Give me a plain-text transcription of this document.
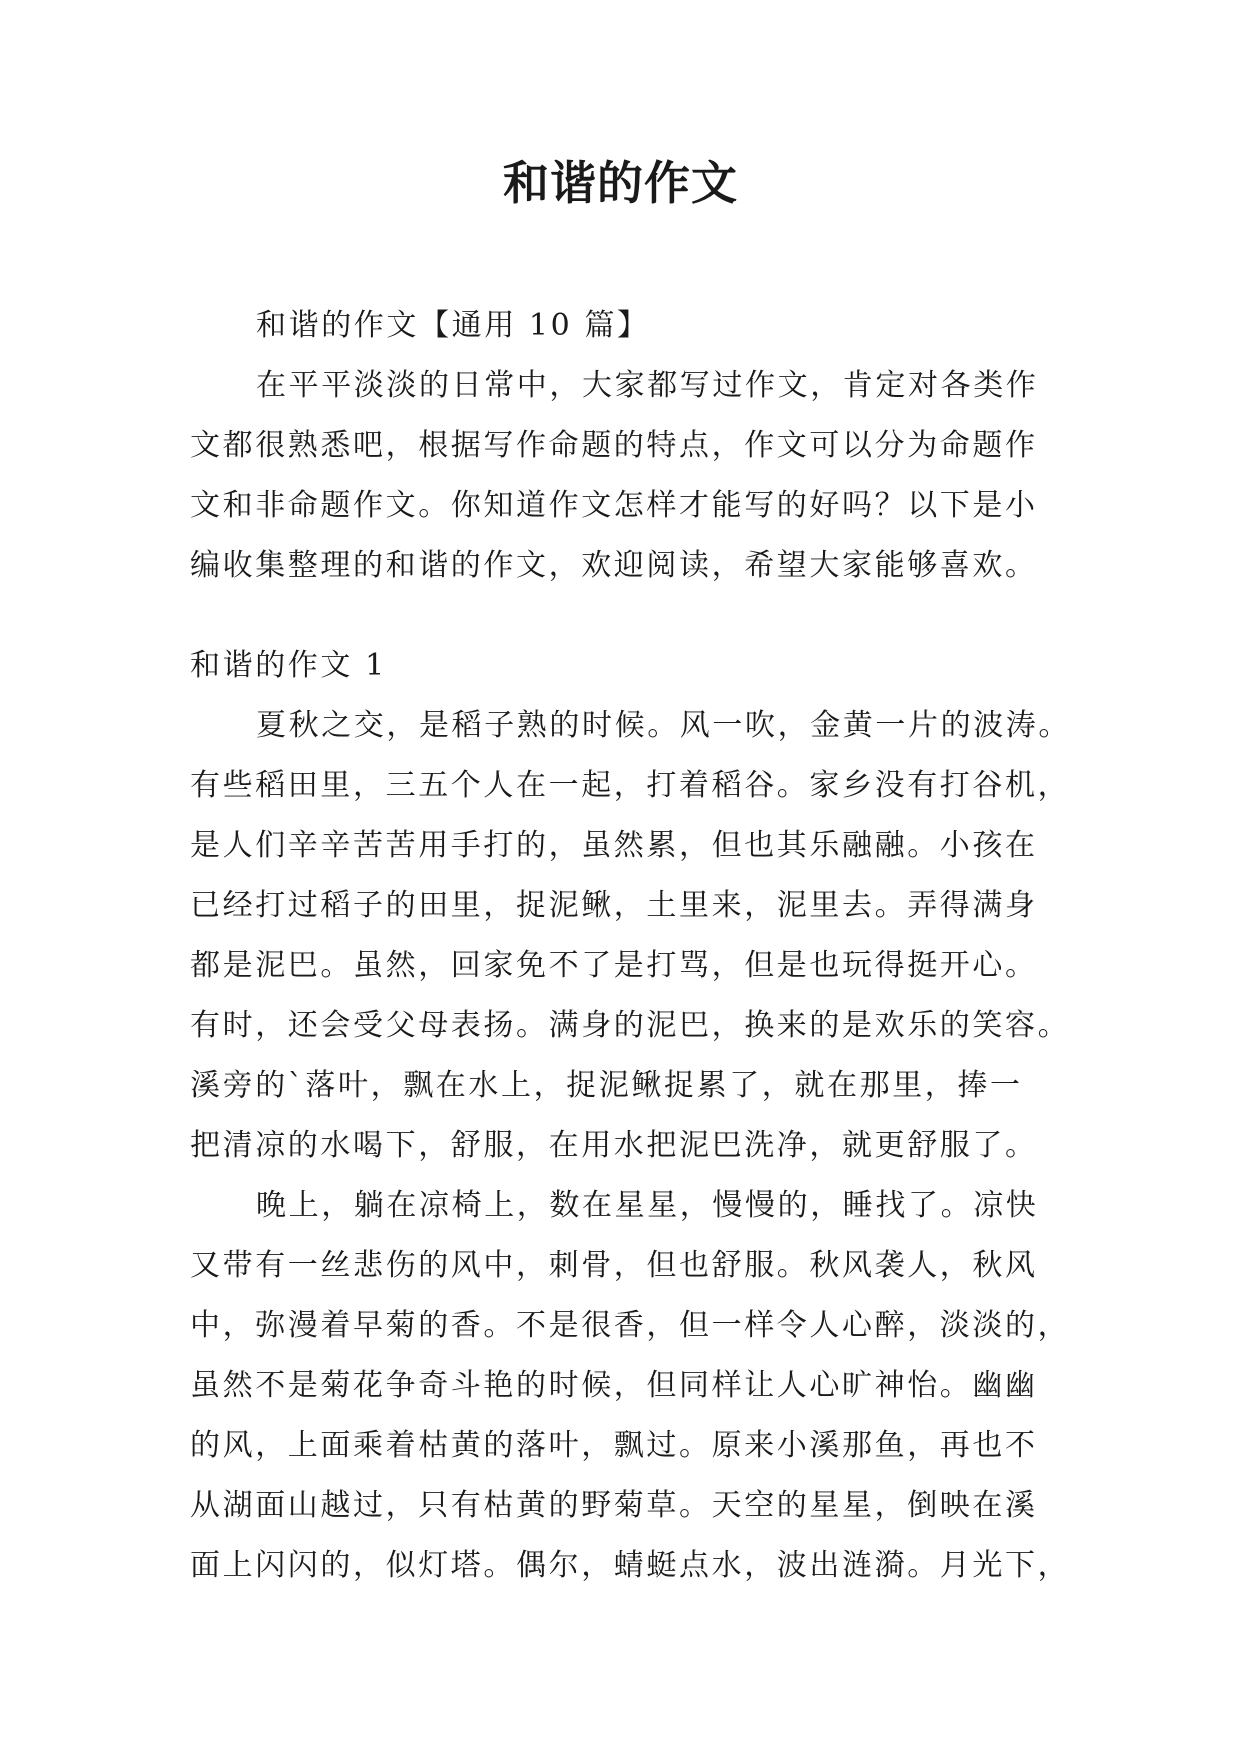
和谐的作文
和谐的作文【通用 10 篇】
在平平淡淡的日常中，大家都写过作文，肯定对各类作
文都很熟悉吧，根据写作命题的特点，作文可以分为命题作
文和非命题作文。你知道作文怎样才能写的好吗？以下是小
编收集整理的和谐的作文，欢迎阅读，希望大家能够喜欢。
和谐的作文 1
夏秋之交，是稻子熟的时候。风一吹，金黄一片的波涛。
有些稻田里，三五个人在一起，打着稻谷。家乡没有打谷机，
是人们辛辛苦苦用手打的，虽然累，但也其乐融融。小孩在
已经打过稻子的田里，捉泥鳅，土里来，泥里去。弄得满身
都是泥巴。虽然，回家免不了是打骂，但是也玩得挺开心。
有时，还会受父母表扬。满身的泥巴，换来的是欢乐的笑容。
溪旁的`落叶，飘在水上，捉泥鳅捉累了，就在那里，捧一
把清凉的水喝下，舒服，在用水把泥巴洗净，就更舒服了。
晚上，躺在凉椅上，数在星星，慢慢的，睡找了。凉快
又带有一丝悲伤的风中，刺骨，但也舒服。秋风袭人，秋风
中，弥漫着早菊的香。不是很香，但一样令人心醉，淡淡的，
虽然不是菊花争奇斗艳的时候，但同样让人心旷神怡。幽幽
的风，上面乘着枯黄的落叶，飘过。原来小溪那鱼，再也不
从湖面山越过，只有枯黄的野菊草。天空的星星，倒映在溪
面上闪闪的，似灯塔。偶尔，蜻蜓点水，波出涟漪。月光下，
